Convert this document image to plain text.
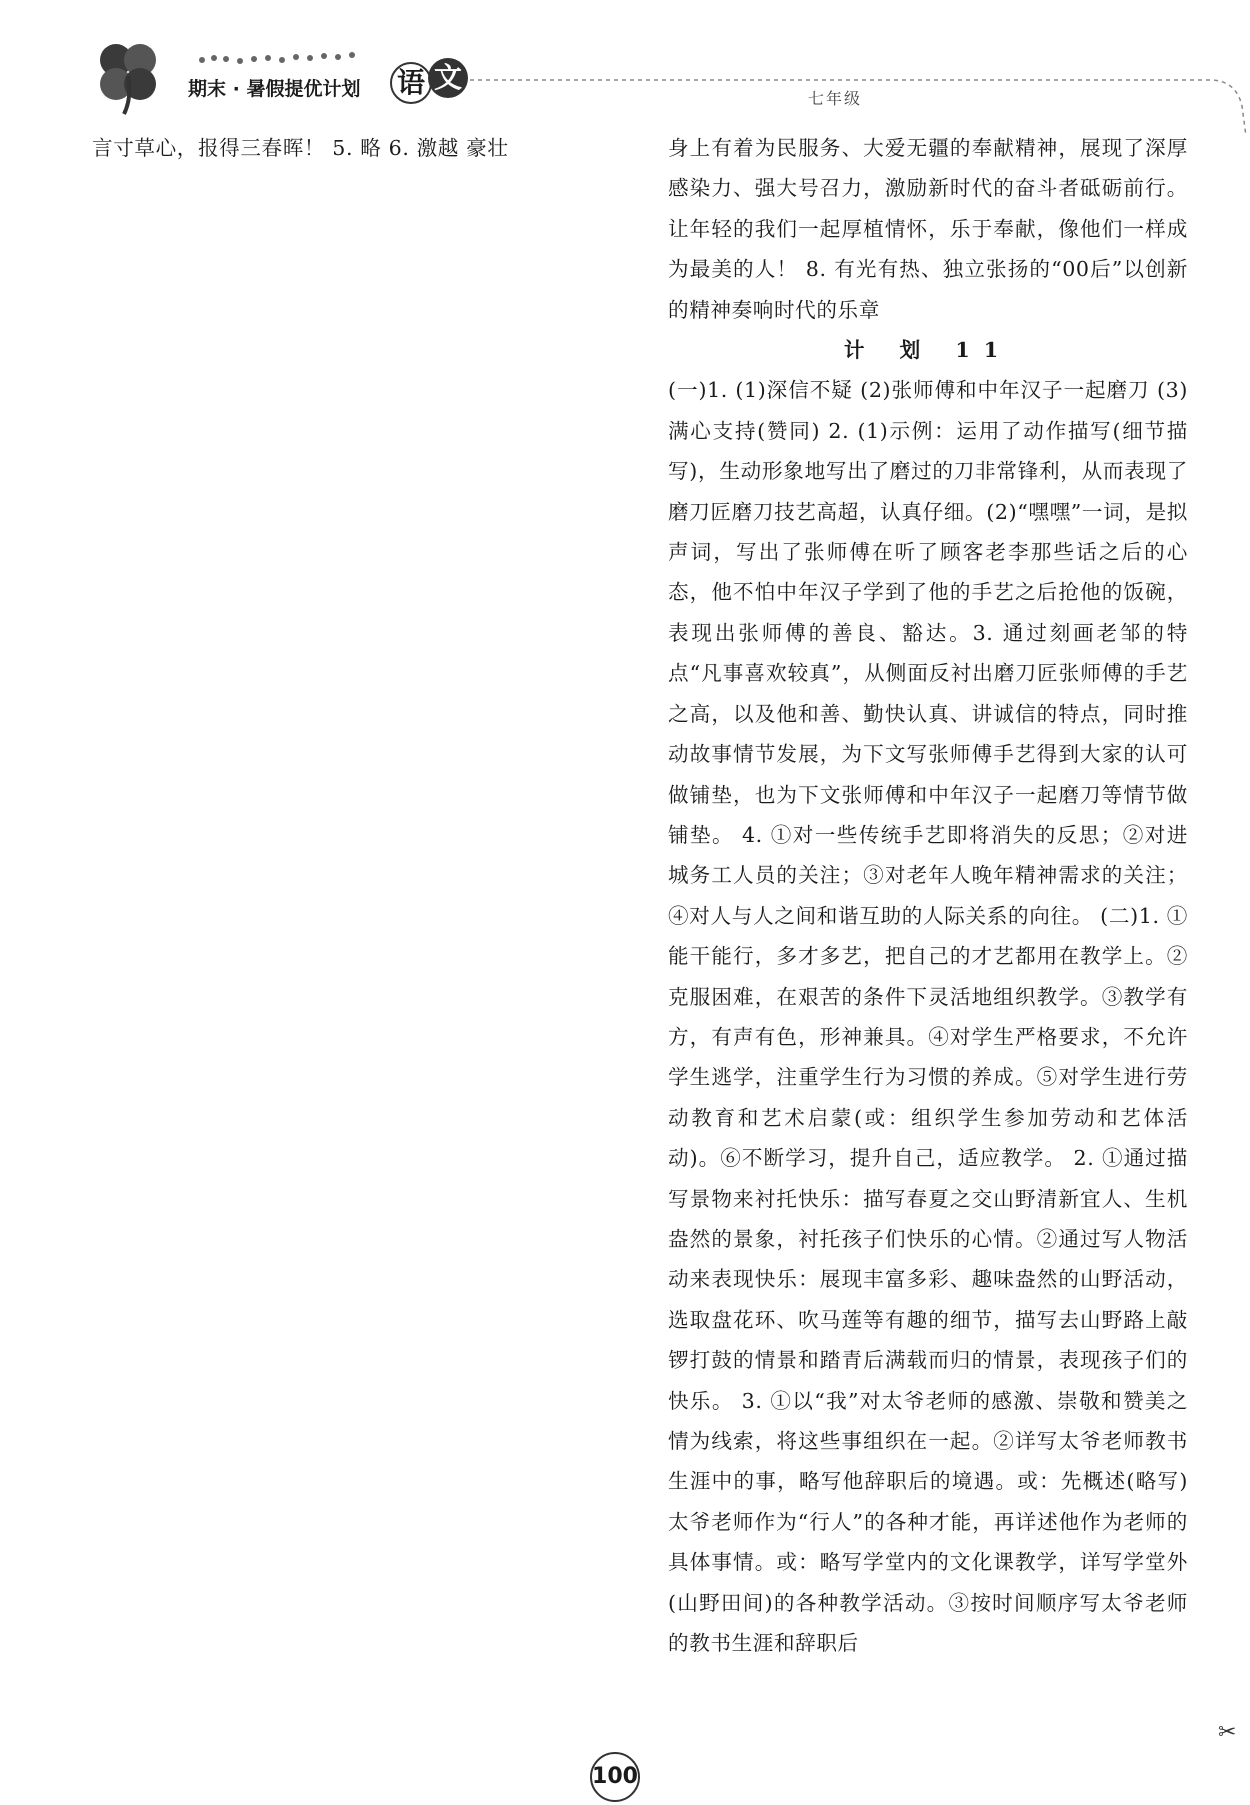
期末 · 暑假提优计划 语 文
七年级

言寸草心，报得三春晖！ 5. 略 6. 激越 豪壮	身上有着为民服务、大爱无疆的奉献精神，展现了深厚感染力、强大号召力，激励新时代的奋斗者砥砺前行。让年轻的我们一起厚植情怀，乐于奉献，像他们一样成为最美的人！ 8. 有光有热、独立张扬的“00后”以创新的精神奏响时代的乐章

计 划 11

(一)1. (1)深信不疑 (2)张师傅和中年汉子一起磨刀 (3)满心支持(赞同) 2. (1)示例：运用了动作描写(细节描写)，生动形象地写出了磨过的刀非常锋利，从而表现了磨刀匠磨刀技艺高超，认真仔细。(2)“嘿嘿”一词，是拟声词，写出了张师傅在听了顾客老李那些话之后的心态，他不怕中年汉子学到了他的手艺之后抢他的饭碗，表现出张师傅的善良、豁达。3. 通过刻画老邹的特点“凡事喜欢较真”，从侧面反衬出磨刀匠张师傅的手艺之高，以及他和善、勤快认真、讲诚信的特点，同时推动故事情节发展，为下文写张师傅手艺得到大家的认可做铺垫，也为下文张师傅和中年汉子一起磨刀等情节做铺垫。 4. ①对一些传统手艺即将消失的反思；②对进城务工人员的关注；③对老年人晚年精神需求的关注；④对人与人之间和谐互助的人际关系的向往。 (二)1. ①能干能行，多才多艺，把自己的才艺都用在教学上。②克服困难，在艰苦的条件下灵活地组织教学。③教学有方，有声有色，形神兼具。④对学生严格要求，不允许学生逃学，注重学生行为习惯的养成。⑤对学生进行劳动教育和艺术启蒙(或：组织学生参加劳动和艺体活动)。⑥不断学习，提升自己，适应教学。 2. ①通过描写景物来衬托快乐：描写春夏之交山野清新宜人、生机盎然的景象，衬托孩子们快乐的心情。②通过写人物活动来表现快乐：展现丰富多彩、趣味盎然的山野活动，选取盘花环、吹马莲等有趣的细节，描写去山野路上敲锣打鼓的情景和踏青后满载而归的情景，表现孩子们的快乐。 3. ①以“我”对太爷老师的感激、崇敬和赞美之情为线索，将这些事组织在一起。②详写太爷老师教书生涯中的事，略写他辞职后的境遇。或：先概述(略写)太爷老师作为“行人”的各种才能，再详述他作为老师的具体事情。或：略写学堂内的文化课教学，详写学堂外(山野田间)的各种教学活动。③按时间顺序写太爷老师的教书生涯和辞职后

100
✂
